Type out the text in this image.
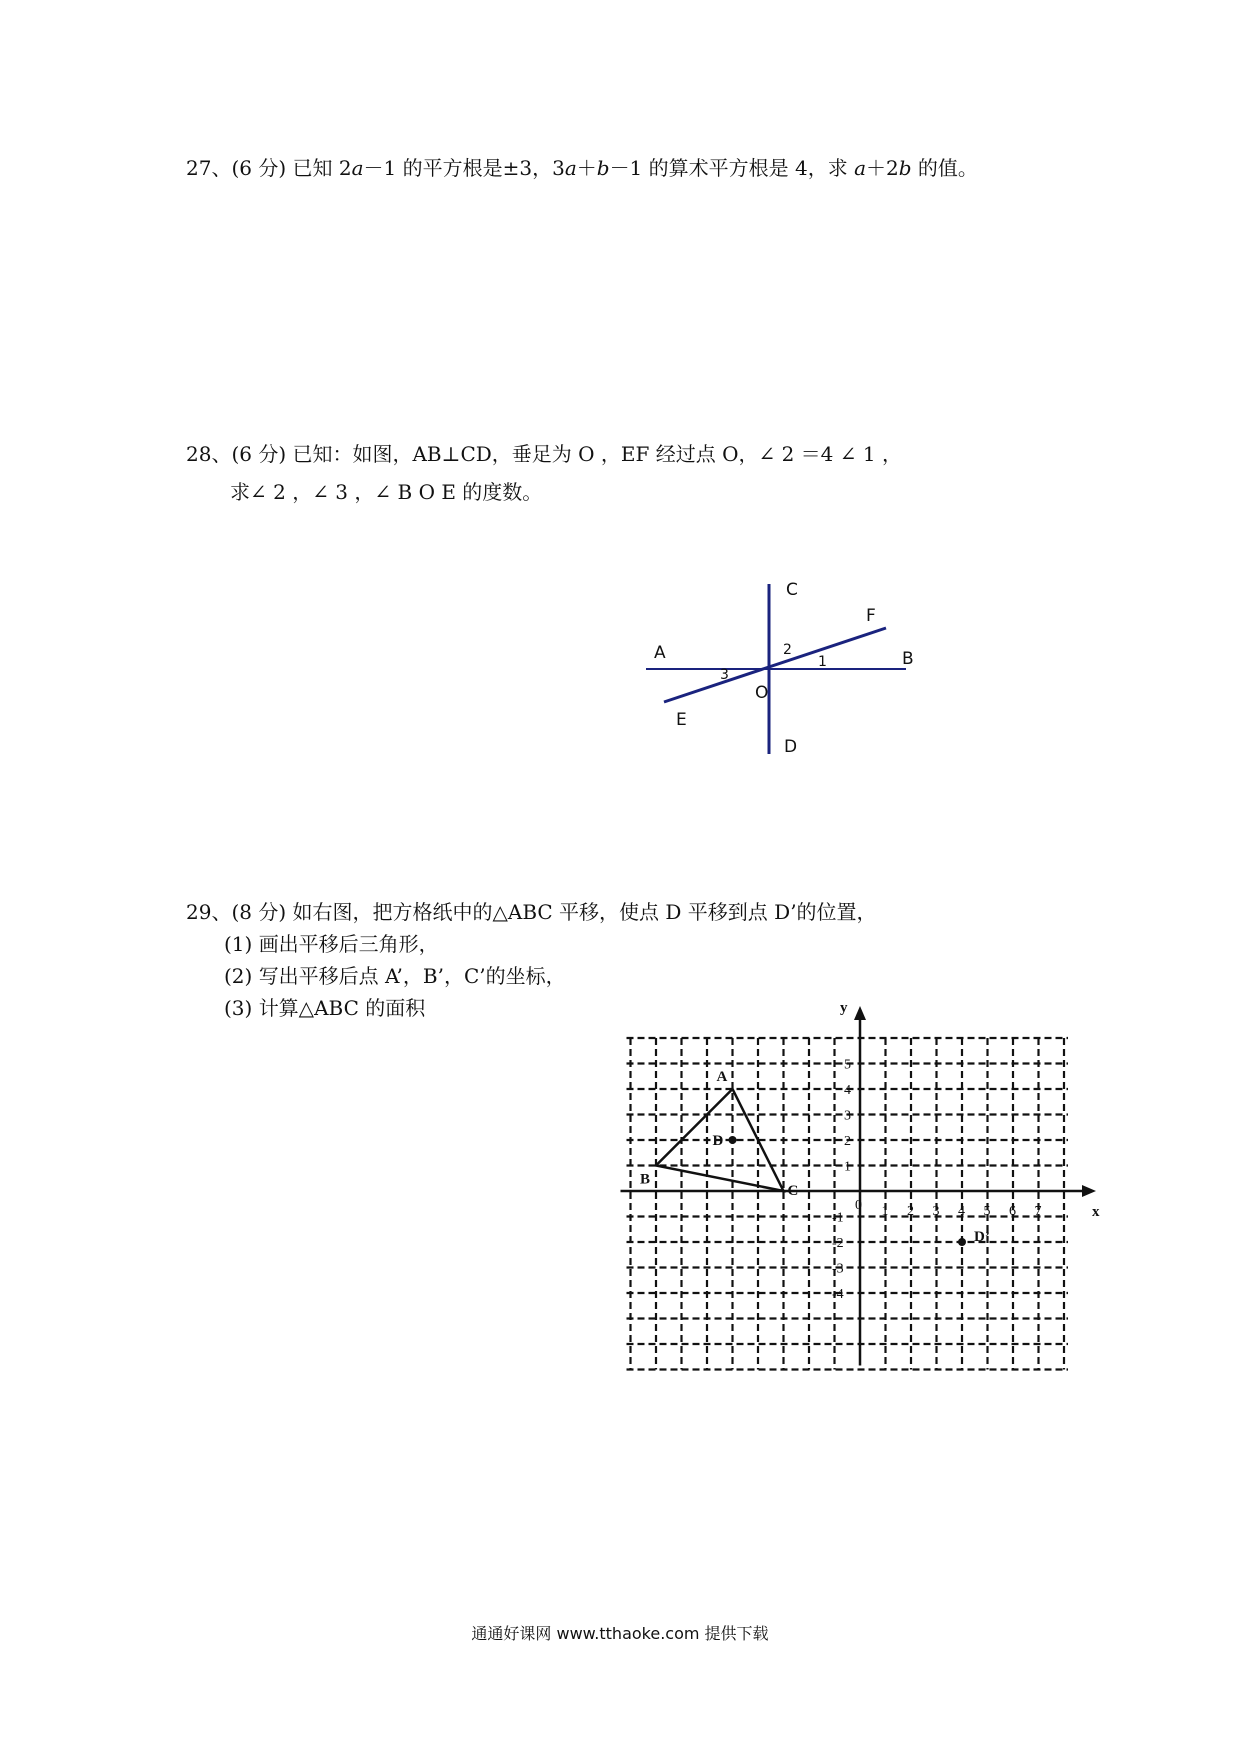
27、(6 分) 已知 2a－1 的平方根是±3，3a＋b－1 的算术平方根是 4，求 a＋2b 的值。
28、(6 分) 已知：如图，AB⊥CD，垂足为 O ，EF 经过点 O，∠ 2 ＝4 ∠ 1 ，
求∠ 2 ，∠ 3 ，∠ B O E 的度数。
C
F
A	B
2
1
3
O
E
D
29、(8 分) 如右图，把方格纸中的△ABC 平移，使点 D 平移到点 D’的位置，
(1) 画出平移后三角形，
(2) 写出平移后点 A’，B’，C’的坐标，
(3) 计算△ABC 的面积
x
y
0 1 2 3 4 5 6 7
1
2
3
4
5
-1
-2
-3
-4
A
B
C
D
D’
通通好课网 www.tthaoke.com 提供下载
